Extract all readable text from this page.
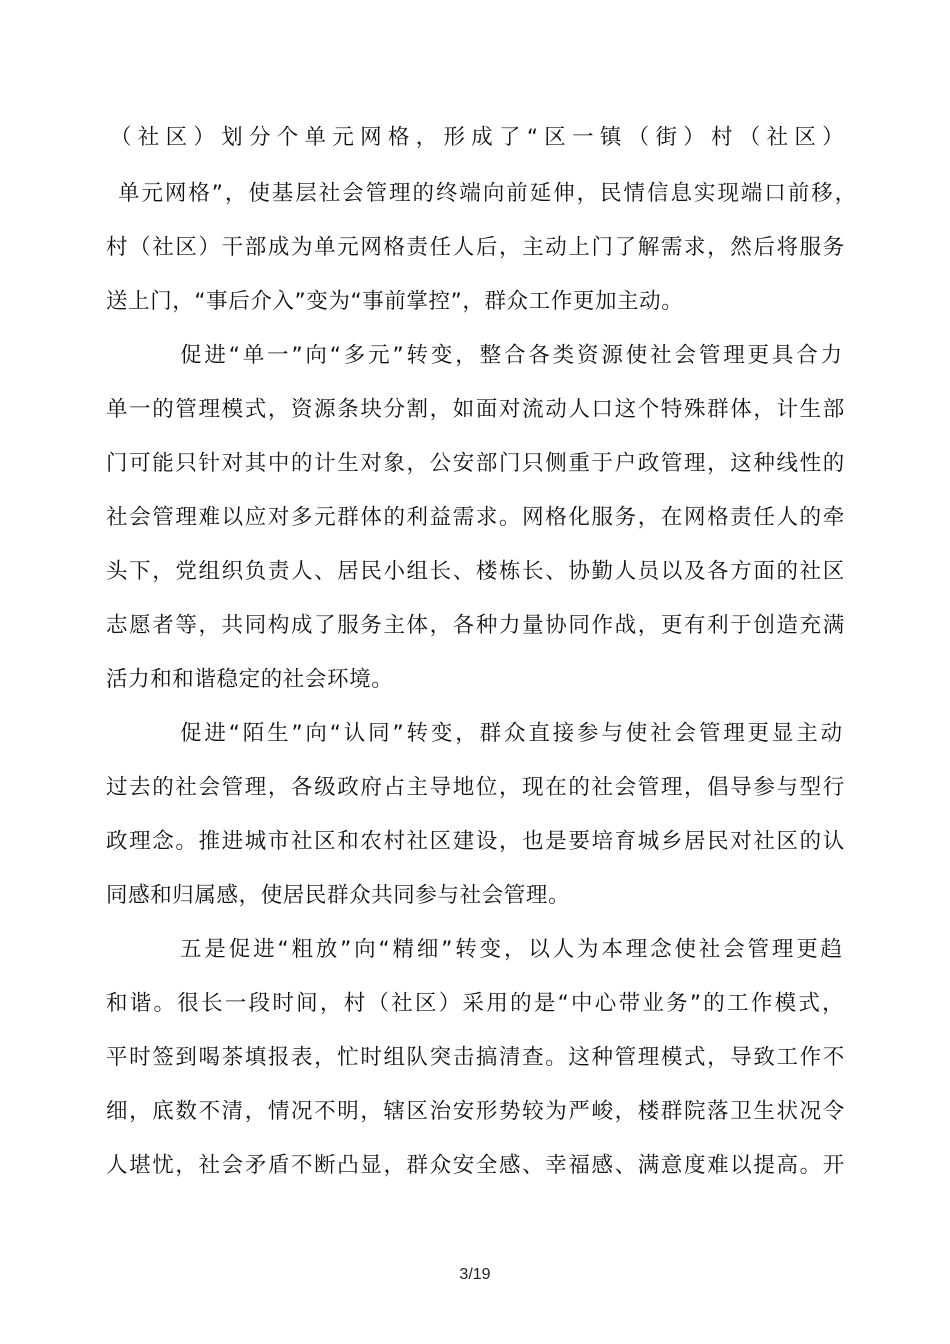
（社区）划分个单元网格，形成了“区一镇（街）村（社区）
单元网格”，使基层社会管理的终端向前延伸，民情信息实现端口前移，
村（社区）干部成为单元网格责任人后，主动上门了解需求，然后将服务
送上门，“事后介入”变为“事前掌控”，群众工作更加主动。
促进“单一”向“多元”转变，整合各类资源使社会管理更具合力
单一的管理模式，资源条块分割，如面对流动人口这个特殊群体，计生部
门可能只针对其中的计生对象，公安部门只侧重于户政管理，这种线性的
社会管理难以应对多元群体的利益需求。网格化服务，在网格责任人的牵
头下，党组织负责人、居民小组长、楼栋长、协勤人员以及各方面的社区
志愿者等，共同构成了服务主体，各种力量协同作战，更有利于创造充满
活力和和谐稳定的社会环境。
促进“陌生”向“认同”转变，群众直接参与使社会管理更显主动
过去的社会管理，各级政府占主导地位，现在的社会管理，倡导参与型行
政理念。推进城市社区和农村社区建设，也是要培育城乡居民对社区的认
同感和归属感，使居民群众共同参与社会管理。
五是促进“粗放”向“精细”转变，以人为本理念使社会管理更趋
和谐。很长一段时间，村（社区）采用的是“中心带业务”的工作模式，
平时签到喝茶填报表，忙时组队突击搞清查。这种管理模式，导致工作不
细，底数不清，情况不明，辖区治安形势较为严峻，楼群院落卫生状况令
人堪忧，社会矛盾不断凸显，群众安全感、幸福感、满意度难以提高。开
3/19
